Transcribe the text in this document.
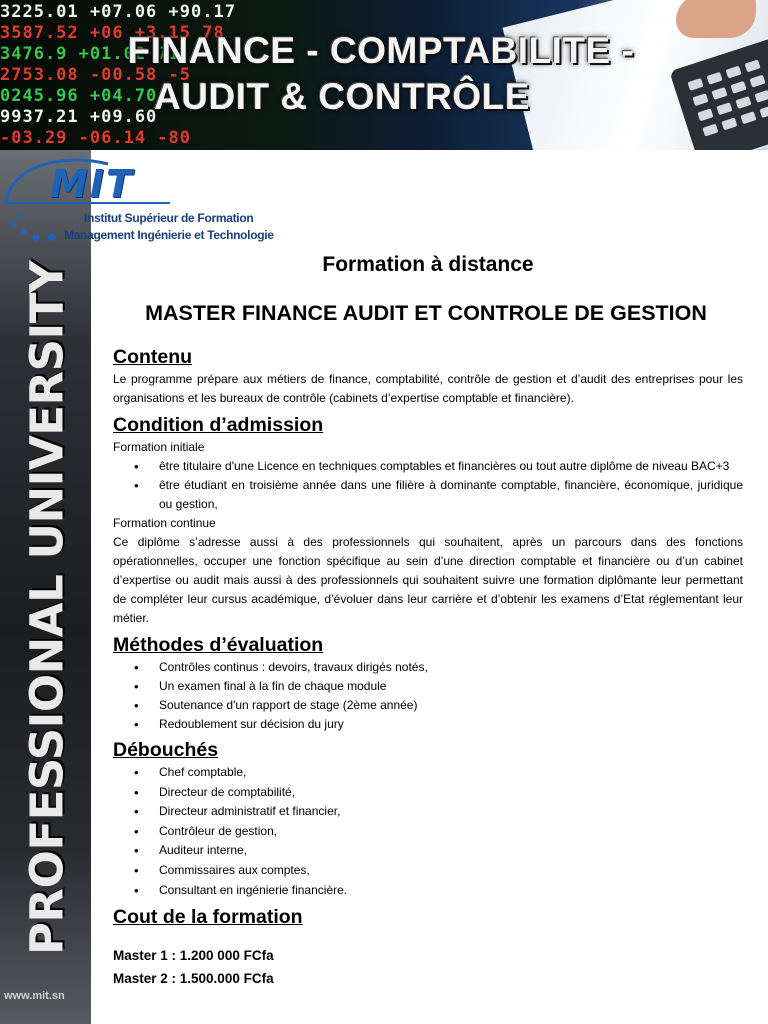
3225.01 +07.06 +90.17
3587.52 +06 +3.15 78
3476.9 +01.02 71
2753.08 -00.58 -5
0245.96 +04.70
9937.21 +09.60
-03.29 -06.14 -80
FINANCE - COMPTABILITE -
AUDIT & CONTRÔLE
PROFESSIONAL UNIVERSITY
www.mit.sn
MIT
Institut Supérieur de Formation
Management Ingénierie et Technologie

Formation à distance

MASTER FINANCE AUDIT ET CONTROLE DE GESTION

Contenu

Le programme prépare aux métiers de finance, comptabilité, contrôle de gestion et d’audit des entreprises pour les organisations et les bureaux de contrôle (cabinets d’expertise comptable et financière).

Condition d’admission

Formation initiale

• être titulaire d'une Licence en techniques comptables et financières ou tout autre diplôme de niveau BAC+3
• être étudiant en troisième année dans une filière à dominante comptable, financière, économique, juridique ou gestion,

Formation continue

Ce diplôme s’adresse aussi à des professionnels qui souhaitent, après un parcours dans des fonctions opérationnelles, occuper une fonction spécifique au sein d’une direction comptable et financière ou d’un cabinet d’expertise ou audit mais aussi à des professionnels qui souhaitent suivre une formation diplômante leur permettant de compléter leur cursus académique, d’évoluer dans leur carrière et d’obtenir les examens d’Etat réglementant leur métier.

Méthodes d’évaluation

• Contrôles continus : devoirs, travaux dirigés notés,
• Un examen final à la fin de chaque module
• Soutenance d'un rapport de stage (2ème année)
• Redoublement sur décision du jury

Débouchés

• Chef comptable,
• Directeur de comptabilité,
• Directeur administratif et financier,
• Contrôleur de gestion,
• Auditeur interne,
• Commissaires aux comptes,
• Consultant en ingénierie financière.

Cout de la formation

Master 1 : 1.200 000 FCfa

Master 2 : 1.500.000 FCfa
